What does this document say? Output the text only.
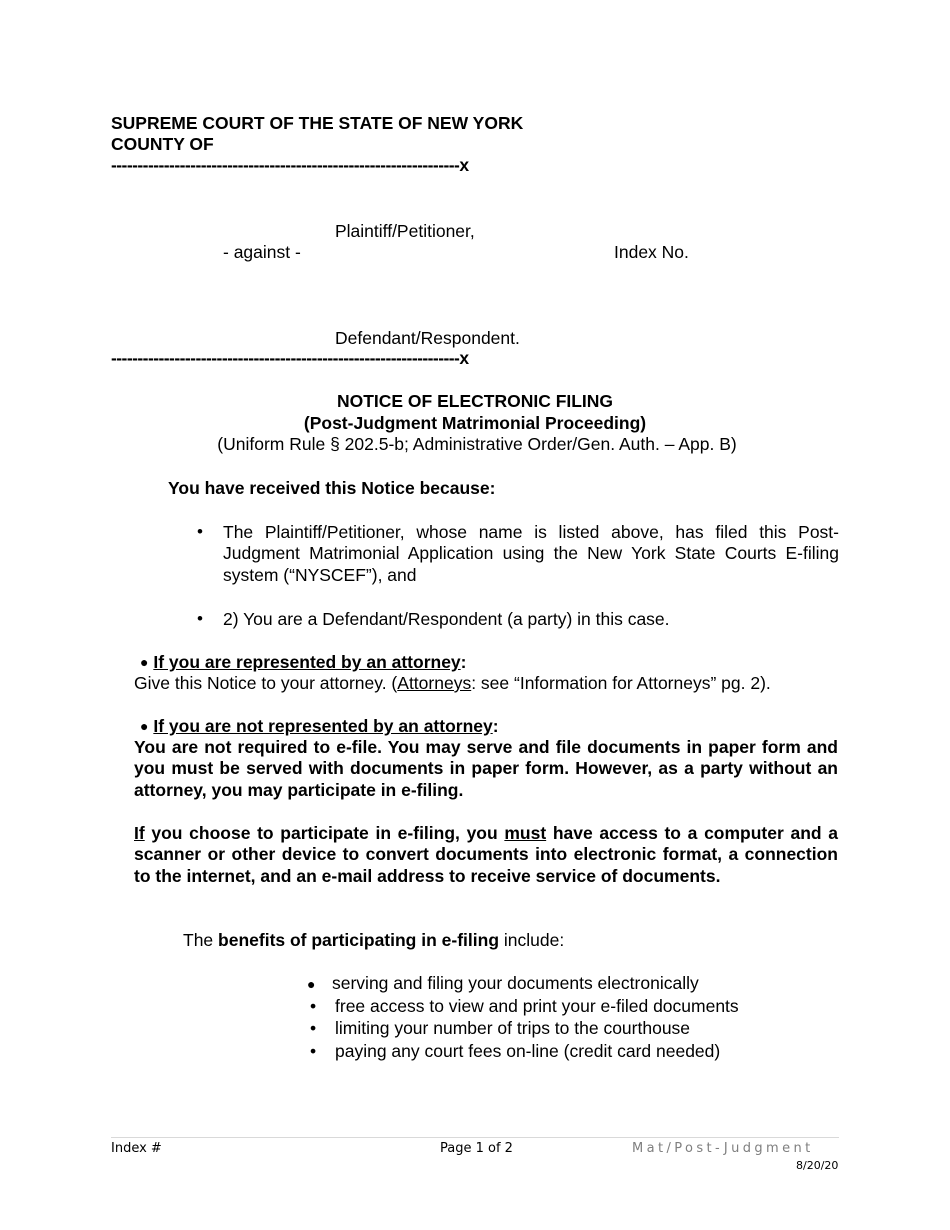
SUPREME COURT OF THE STATE OF NEW YORK
COUNTY OF
------------------------------------------------------------------x
Plaintiff/Petitioner,
- against -	Index No.
Defendant/Respondent.
------------------------------------------------------------------x
NOTICE OF ELECTRONIC FILING
(Post-Judgment Matrimonial Proceeding)
(Uniform Rule § 202.5-b; Administrative Order/Gen. Auth. – App. B)
You have received this Notice because:
• The Plaintiff/Petitioner, whose name is listed above, has filed this Post-Judgment Matrimonial Application using the New York State Courts E-filing system (“NYSCEF”), and
• 2) You are a Defendant/Respondent (a party) in this case.
● If you are represented by an attorney:
Give this Notice to your attorney. (Attorneys: see “Information for Attorneys” pg. 2).
● If you are not represented by an attorney:
You are not required to e-file. You may serve and file documents in paper form and you must be served with documents in paper form. However, as a party without an attorney, you may participate in e-filing.
If you choose to participate in e-filing, you must have access to a computer and a scanner or other device to convert documents into electronic format, a connection to the internet, and an e-mail address to receive service of documents.
The benefits of participating in e-filing include:
● serving and filing your documents electronically
• free access to view and print your e-filed documents
• limiting your number of trips to the courthouse
• paying any court fees on-line (credit card needed)
Index #	Page 1 of 2	Mat/Post-Judgment
8/20/20
